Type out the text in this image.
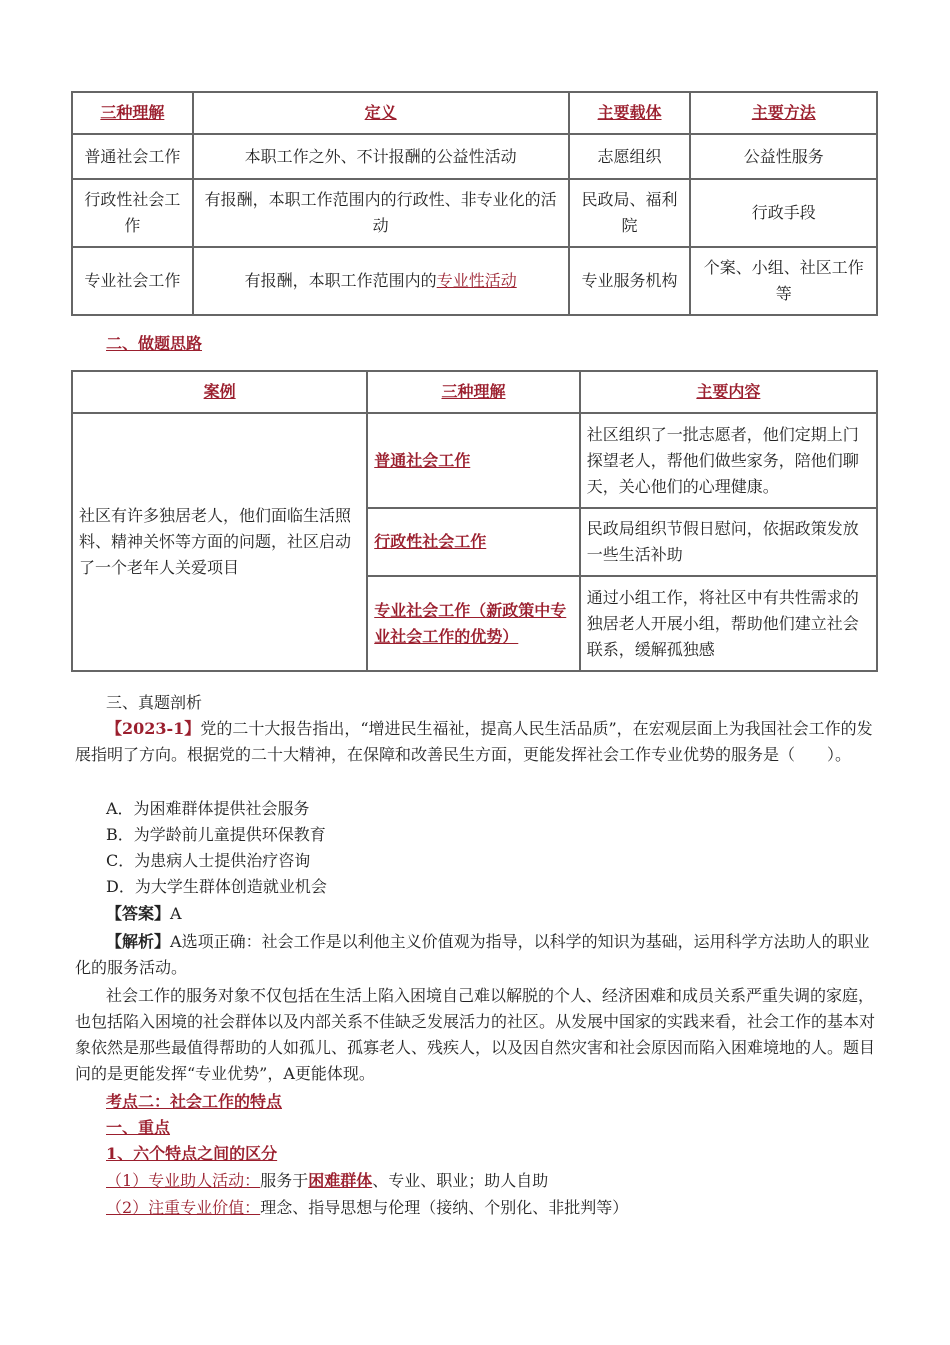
三种理解	定义	主要载体	主要方法
普通社会工作	本职工作之外、不计报酬的公益性活动	志愿组织	公益性服务
行政性社会工作	有报酬，本职工作范围内的行政性、非专业化的活动	民政局、福利院	行政手段
专业社会工作	有报酬，本职工作范围内的专业性活动	专业服务机构	个案、小组、社区工作等
二、做题思路
案例	三种理解	主要内容
社区有许多独居老人，他们面临生活照料、精神关怀等方面的问题，社区启动了一个老年人关爱项目	普通社会工作	社区组织了一批志愿者，他们定期上门探望老人，帮他们做些家务，陪他们聊天，关心他们的心理健康。
	行政性社会工作	民政局组织节假日慰问，依据政策发放一些生活补助
	专业社会工作（新政策中专业社会工作的优势）	通过小组工作，将社区中有共性需求的独居老人开展小组，帮助他们建立社会联系，缓解孤独感
三、真题剖析
【2023-1】党的二十大报告指出，“增进民生福祉，提高人民生活品质”，在宏观层面上为我国社会工作的发展指明了方向。根据党的二十大精神，在保障和改善民生方面，更能发挥社会工作专业优势的服务是（　　）。
A．为困难群体提供社会服务
B．为学龄前儿童提供环保教育
C．为患病人士提供治疗咨询
D．为大学生群体创造就业机会
【答案】A
【解析】A选项正确：社会工作是以利他主义价值观为指导，以科学的知识为基础，运用科学方法助人的职业化的服务活动。
社会工作的服务对象不仅包括在生活上陷入困境自己难以解脱的个人、经济困难和成员关系严重失调的家庭，也包括陷入困境的社会群体以及内部关系不佳缺乏发展活力的社区。从发展中国家的实践来看，社会工作的基本对象依然是那些最值得帮助的人如孤儿、孤寡老人、残疾人，以及因自然灾害和社会原因而陷入困难境地的人。题目问的是更能发挥“专业优势”，A更能体现。
考点二：社会工作的特点
一、重点
1、六个特点之间的区分
（1）专业助人活动：服务于困难群体、专业、职业；助人自助
（2）注重专业价值：理念、指导思想与伦理（接纳、个别化、非批判等）
